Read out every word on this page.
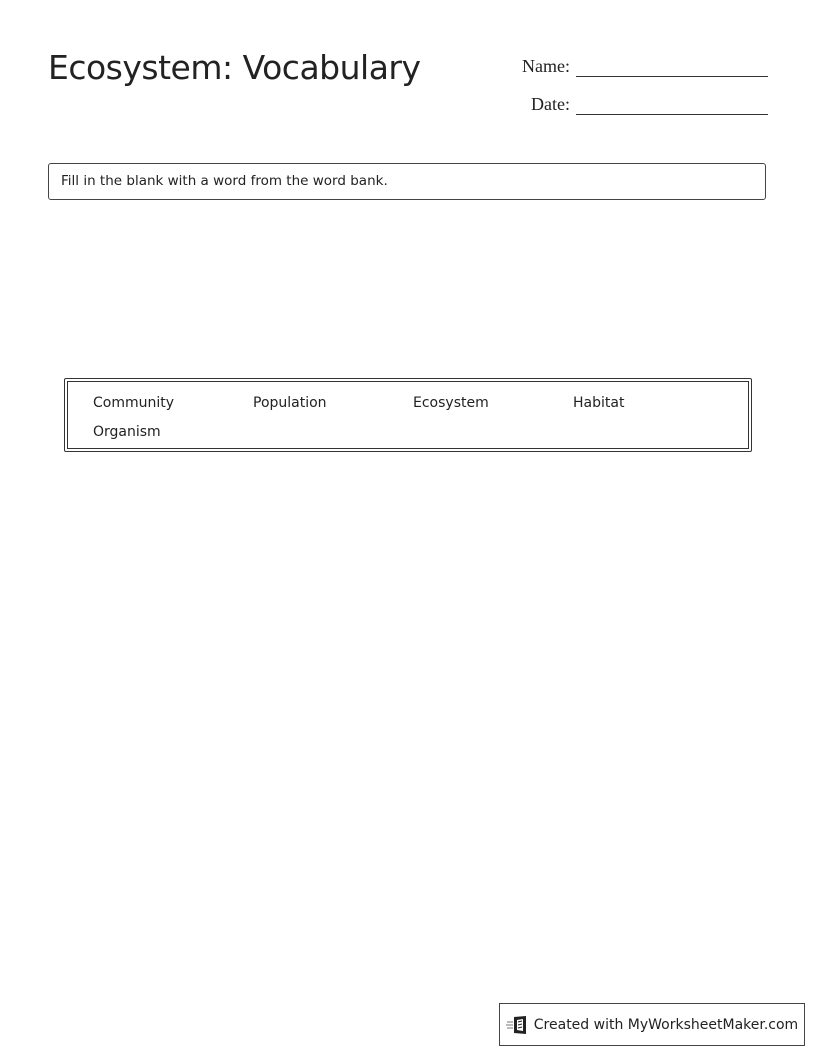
Ecosystem: Vocabulary	Name:
Date:
Fill in the blank with a word from the word bank.
Community	Population	Ecosystem	Habitat
Organism
Created with MyWorksheetMaker.com
